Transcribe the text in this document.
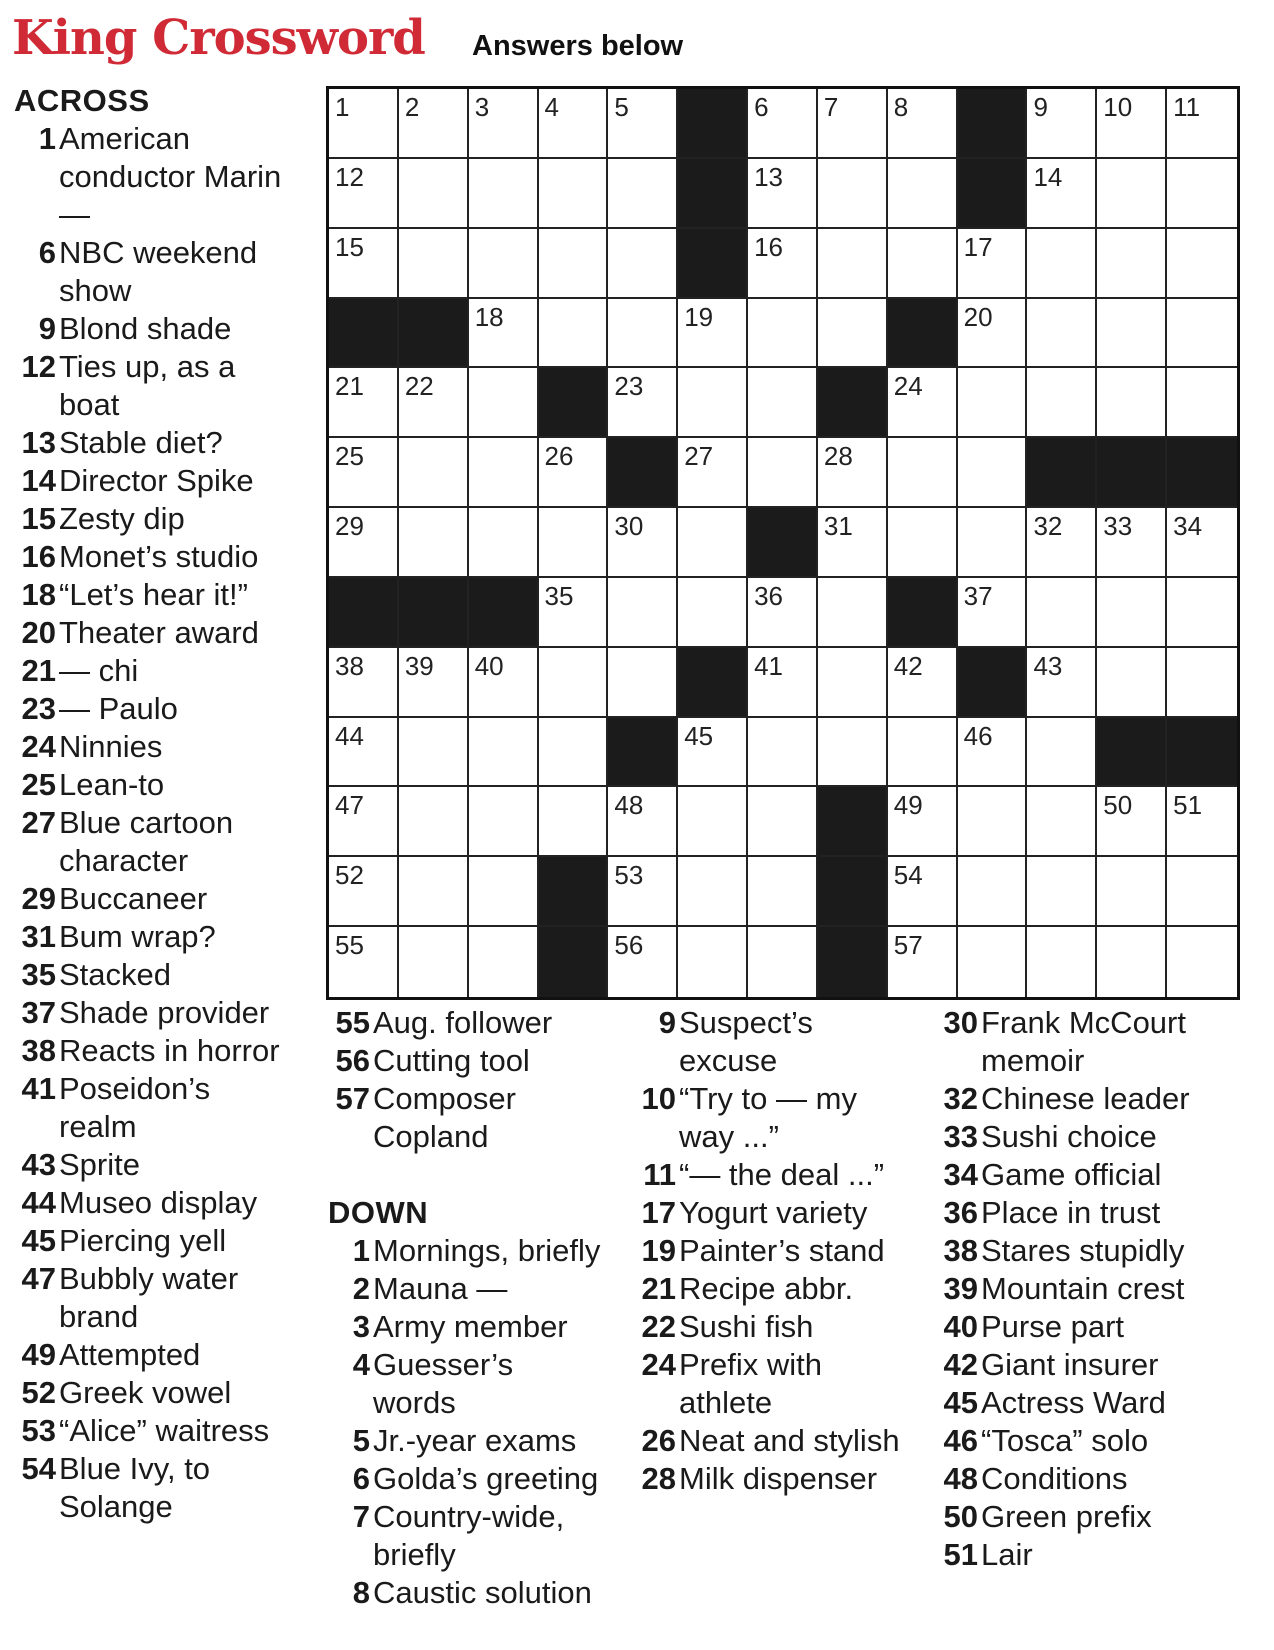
King Crossword Answers below
ACROSS
1 American conductor Marin —
6 NBC weekend show
9 Blond shade
12 Ties up, as a boat
13 Stable diet?
14 Director Spike
15 Zesty dip
16 Monet’s studio
18 “Let’s hear it!”
20 Theater award
21 — chi
23 — Paulo
24 Ninnies
25 Lean-to
27 Blue cartoon character
29 Buccaneer
31 Bum wrap?
35 Stacked
37 Shade provider
38 Reacts in horror
41 Poseidon’s realm
43 Sprite
44 Museo display
45 Piercing yell
47 Bubbly water brand
49 Attempted
52 Greek vowel
53 “Alice” waitress
54 Blue Ivy, to Solange
55 Aug. follower
56 Cutting tool
57 Composer Copland
DOWN
1 Mornings, briefly
2 Mauna —
3 Army member
4 Guesser’s words
5 Jr.-year exams
6 Golda’s greeting
7 Country-wide, briefly
8 Caustic solution
9 Suspect’s excuse
10 “Try to — my way ...”
11 “— the deal ...”
17 Yogurt variety
19 Painter’s stand
21 Recipe abbr.
22 Sushi fish
24 Prefix with athlete
26 Neat and stylish
28 Milk dispenser
30 Frank McCourt memoir
32 Chinese leader
33 Sushi choice
34 Game official
36 Place in trust
38 Stares stupidly
39 Mountain crest
40 Purse part
42 Giant insurer
45 Actress Ward
46 “Tosca” solo
48 Conditions
50 Green prefix
51 Lair
1 2 3 4 5	6 7 8	9 10 11
12	13	14
15	16	17
18	19	20
21 22	23	24
25	26	27	28
29	30	31	32 33 34
35	36	37
38 39 40	41	42	43
44	45	46
47	48	49	50 51
52	53	54
55	56	57
